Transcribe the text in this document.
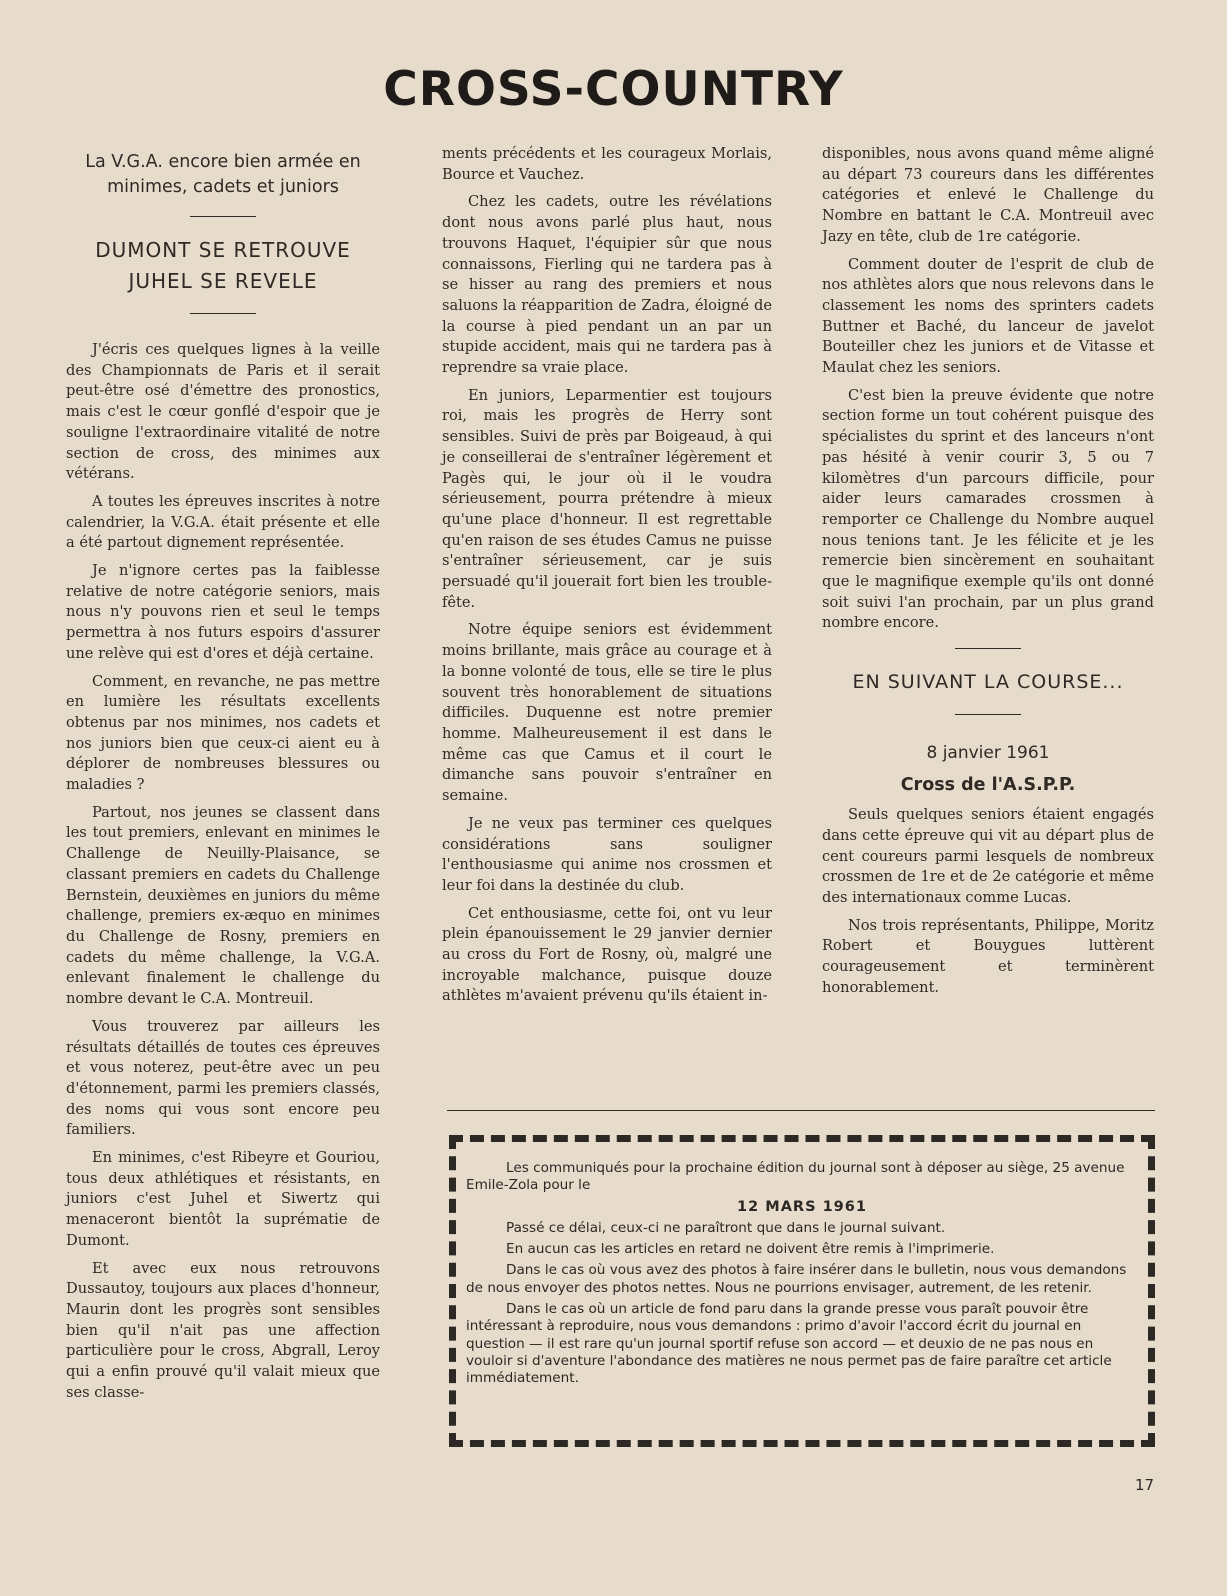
CROSS-COUNTRY

La V.G.A. encore bien armée en minimes, cadets et juniors

DUMONT SE RETROUVE JUHEL SE REVELE

J'écris ces quelques lignes à la veille des Championnats de Paris et il serait peut-être osé d'émettre des pronostics, mais c'est le cœur gonflé d'espoir que je souligne l'extraordinaire vitalité de notre section de cross, des minimes aux vétérans.

A toutes les épreuves inscrites à notre calendrier, la V.G.A. était présente et elle a été partout dignement représentée.

Je n'ignore certes pas la faiblesse relative de notre catégorie seniors, mais nous n'y pouvons rien et seul le temps permettra à nos futurs espoirs d'assurer une relève qui est d'ores et déjà certaine.

Comment, en revanche, ne pas mettre en lumière les résultats excellents obtenus par nos minimes, nos cadets et nos juniors bien que ceux-ci aient eu à déplorer de nombreuses blessures ou maladies ?

Partout, nos jeunes se classent dans les tout premiers, enlevant en minimes le Challenge de Neuilly-Plaisance, se classant premiers en cadets du Challenge Bernstein, deuxièmes en juniors du même challenge, premiers ex-æquo en minimes du Challenge de Rosny, premiers en cadets du même challenge, la V.G.A. enlevant finalement le challenge du nombre devant le C.A. Montreuil.

Vous trouverez par ailleurs les résultats détaillés de toutes ces épreuves et vous noterez, peut-être avec un peu d'étonnement, parmi les premiers classés, des noms qui vous sont encore peu familiers.

En minimes, c'est Ribeyre et Gouriou, tous deux athlétiques et résistants, en juniors c'est Juhel et Siwertz qui menaceront bientôt la suprématie de Dumont.

Et avec eux nous retrouvons Dussautoy, toujours aux places d'honneur, Maurin dont les progrès sont sensibles bien qu'il n'ait pas une affection particulière pour le cross, Abgrall, Leroy qui a enfin prouvé qu'il valait mieux que ses classe-

ments précédents et les courageux Morlais, Bource et Vauchez.

Chez les cadets, outre les révélations dont nous avons parlé plus haut, nous trouvons Haquet, l'équipier sûr que nous connaissons, Fierling qui ne tardera pas à se hisser au rang des premiers et nous saluons la réapparition de Zadra, éloigné de la course à pied pendant un an par un stupide accident, mais qui ne tardera pas à reprendre sa vraie place.

En juniors, Leparmentier est toujours roi, mais les progrès de Herry sont sensibles. Suivi de près par Boigeaud, à qui je conseillerai de s'entraîner légèrement et Pagès qui, le jour où il le voudra sérieusement, pourra prétendre à mieux qu'une place d'honneur. Il est regrettable qu'en raison de ses études Camus ne puisse s'entraîner sérieusement, car je suis persuadé qu'il jouerait fort bien les trouble-fête.

Notre équipe seniors est évidemment moins brillante, mais grâce au courage et à la bonne volonté de tous, elle se tire le plus souvent très honorablement de situations difficiles. Duquenne est notre premier homme. Malheureusement il est dans le même cas que Camus et il court le dimanche sans pouvoir s'entraîner en semaine.

Je ne veux pas terminer ces quelques considérations sans souligner l'enthousiasme qui anime nos crossmen et leur foi dans la destinée du club.

Cet enthousiasme, cette foi, ont vu leur plein épanouissement le 29 janvier dernier au cross du Fort de Rosny, où, malgré une incroyable malchance, puisque douze athlètes m'avaient prévenu qu'ils étaient in-

disponibles, nous avons quand même aligné au départ 73 coureurs dans les différentes catégories et enlevé le Challenge du Nombre en battant le C.A. Montreuil avec Jazy en tête, club de 1re catégorie.

Comment douter de l'esprit de club de nos athlètes alors que nous relevons dans le classement les noms des sprinters cadets Buttner et Baché, du lanceur de javelot Bouteiller chez les juniors et de Vitasse et Maulat chez les seniors.

C'est bien la preuve évidente que notre section forme un tout cohérent puisque des spécialistes du sprint et des lanceurs n'ont pas hésité à venir courir 3, 5 ou 7 kilomètres d'un parcours difficile, pour aider leurs camarades crossmen à remporter ce Challenge du Nombre auquel nous tenions tant. Je les félicite et je les remercie bien sincèrement en souhaitant que le magnifique exemple qu'ils ont donné soit suivi l'an prochain, par un plus grand nombre encore.

EN SUIVANT LA COURSE...

8 janvier 1961

Cross de l'A.S.P.P.

Seuls quelques seniors étaient engagés dans cette épreuve qui vit au départ plus de cent coureurs parmi lesquels de nombreux crossmen de 1re et de 2e catégorie et même des internationaux comme Lucas.

Nos trois représentants, Philippe, Moritz Robert et Bouygues luttèrent courageusement et terminèrent honorablement.

Les communiqués pour la prochaine édition du journal sont à déposer au siège, 25 avenue Emile-Zola pour le

12 MARS 1961

Passé ce délai, ceux-ci ne paraîtront que dans le journal suivant.

En aucun cas les articles en retard ne doivent être remis à l'imprimerie.

Dans le cas où vous avez des photos à faire insérer dans le bulletin, nous vous demandons de nous envoyer des photos nettes. Nous ne pourrions envisager, autrement, de les retenir.

Dans le cas où un article de fond paru dans la grande presse vous paraît pouvoir être intéressant à reproduire, nous vous demandons : primo d'avoir l'accord écrit du journal en question — il est rare qu'un journal sportif refuse son accord — et deuxio de ne pas nous en vouloir si d'aventure l'abondance des matières ne nous permet pas de faire paraître cet article immédiatement.

17
